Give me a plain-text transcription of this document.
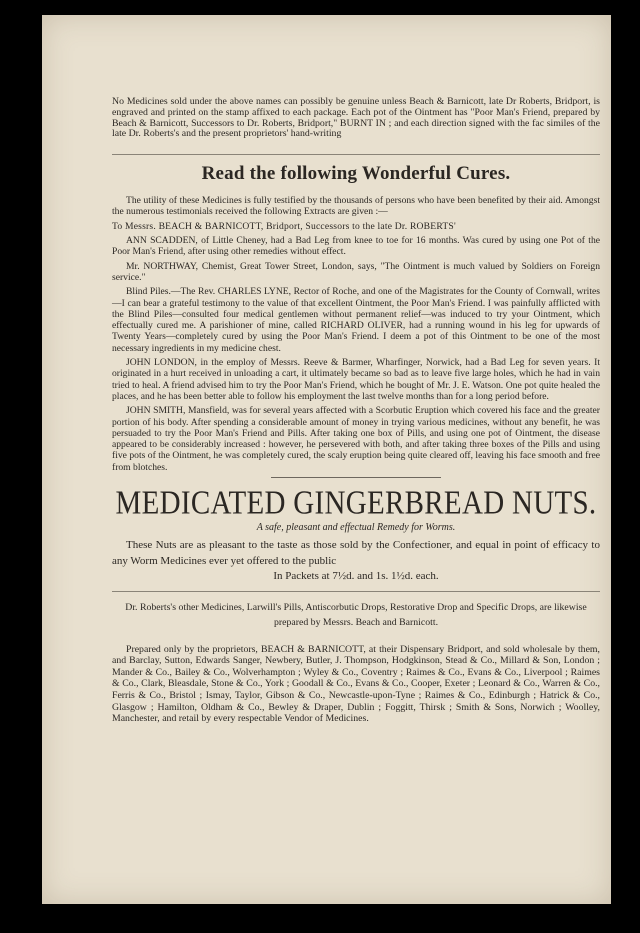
No Medicines sold under the above names can possibly be genuine unless Beach & Barnicott, late Dr Roberts, Bridport, is engraved and printed on the stamp affixed to each package. Each pot of the Ointment has "Poor Man's Friend, prepared by Beach & Barnicott, Successors to Dr. Roberts, Bridport," BURNT IN ; and each direction signed with the fac similes of the late Dr. Roberts's and the present proprietors' hand-writing

Read the following Wonderful Cures.

The utility of these Medicines is fully testified by the thousands of persons who have been benefited by their aid. Amongst the numerous testimonials received the following Extracts are given :—

To Messrs. BEACH & BARNICOTT, Bridport, Successors to the late Dr. ROBERTS'

ANN SCADDEN, of Little Cheney, had a Bad Leg from knee to toe for 16 months. Was cured by using one Pot of the Poor Man's Friend, after using other remedies without effect.

Mr. NORTHWAY, Chemist, Great Tower Street, London, says, "The Ointment is much valued by Soldiers on Foreign service."

Blind Piles.—The Rev. CHARLES LYNE, Rector of Roche, and one of the Magistrates for the County of Cornwall, writes—I can bear a grateful testimony to the value of that excellent Ointment, the Poor Man's Friend. I was painfully afflicted with the Blind Piles—consulted four medical gentlemen without permanent relief—was induced to try your Ointment, which effectually cured me. A parishioner of mine, called RICHARD OLIVER, had a running wound in his leg for upwards of Twenty Years—completely cured by using the Poor Man's Friend. I deem a pot of this Ointment to be one of the most necessary ingredients in my medicine chest.

JOHN LONDON, in the employ of Messrs. Reeve & Barmer, Wharfinger, Norwick, had a Bad Leg for seven years. It originated in a hurt received in unloading a cart, it ultimately became so bad as to leave five large holes, which he had in vain tried to heal. A friend advised him to try the Poor Man's Friend, which he bought of Mr. J. E. Watson. One pot quite healed the places, and he has been better able to follow his employment the last twelve months than for a long period before.

JOHN SMITH, Mansfield, was for several years affected with a Scorbutic Eruption which covered his face and the greater portion of his body. After spending a considerable amount of money in trying various medicines, without any benefit, he was persuaded to try the Poor Man's Friend and Pills. After taking one box of Pills, and using one pot of Ointment, the disease appeared to be considerably increased : however, he persevered with both, and after taking three boxes of the Pills and using five pots of the Ointment, he was completely cured, the scaly eruption being quite cleared off, leaving his face smooth and free from blotches.

MEDICATED GINGERBREAD NUTS.
A safe, pleasant and effectual Remedy for Worms.

These Nuts are as pleasant to the taste as those sold by the Confectioner, and equal in point of efficacy to any Worm Medicines ever yet offered to the public

In Packets at 7½d. and 1s. 1½d. each.
Dr. Roberts's other Medicines, Larwill's Pills, Antiscorbutic Drops, Restorative Drop and Specific Drops, are likewise prepared by Messrs. Beach and Barnicott.

Prepared only by the proprietors, BEACH & BARNICOTT, at their Dispensary Bridport, and sold wholesale by them, and Barclay, Sutton, Edwards Sanger, Newbery, Butler, J. Thompson, Hodgkinson, Stead & Co., Millard & Son, London ; Mander & Co., Bailey & Co., Wolverhampton ; Wyley & Co., Coventry ; Raimes & Co., Evans & Co., Liverpool ; Raimes & Co., Clark, Bleasdale, Stone & Co., York ; Goodall & Co., Evans & Co., Cooper, Exeter ; Leonard & Co., Warren & Co., Ferris & Co., Bristol ; Ismay, Taylor, Gibson & Co., Newcastle-upon-Tyne ; Raimes & Co., Edinburgh ; Hatrick & Co., Glasgow ; Hamilton, Oldham & Co., Bewley & Draper, Dublin ; Foggitt, Thirsk ; Smith & Sons, Norwich ; Woolley, Manchester, and retail by every respectable Vendor of Medicines.
